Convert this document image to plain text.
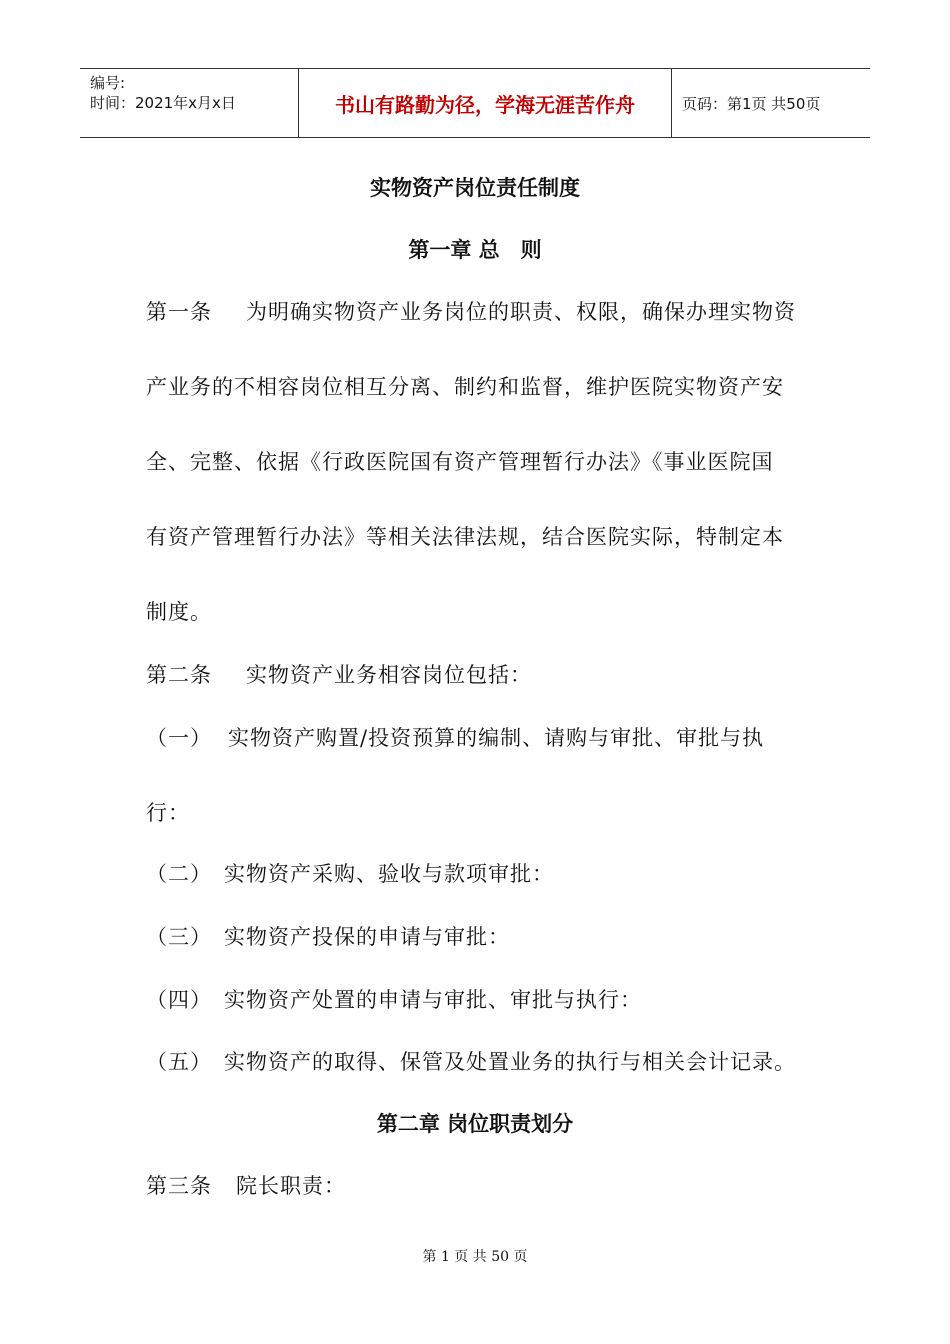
编号:
时间：2021年x月x日	书山有路勤为径，学海无涯苦作舟	页码：第1页 共50页
实物资产岗位责任制度
第一章 总　则
第一条 为明确实物资产业务岗位的职责、权限，确保办理实物资
产业务的不相容岗位相互分离、制约和监督，维护医院实物资产安
全、完整、依据《行政医院国有资产管理暂行办法》《事业医院国
有资产管理暂行办法》等相关法律法规，结合医院实际，特制定本
制度。
第二条 实物资产业务相容岗位包括：
（一） 实物资产购置/投资预算的编制、请购与审批、审批与执
行：
（二） 实物资产采购、验收与款项审批：
（三） 实物资产投保的申请与审批：
（四） 实物资产处置的申请与审批、审批与执行：
（五） 实物资产的取得、保管及处置业务的执行与相关会计记录。
第二章 岗位职责划分
第三条 院长职责：
第 1 页 共 50 页
